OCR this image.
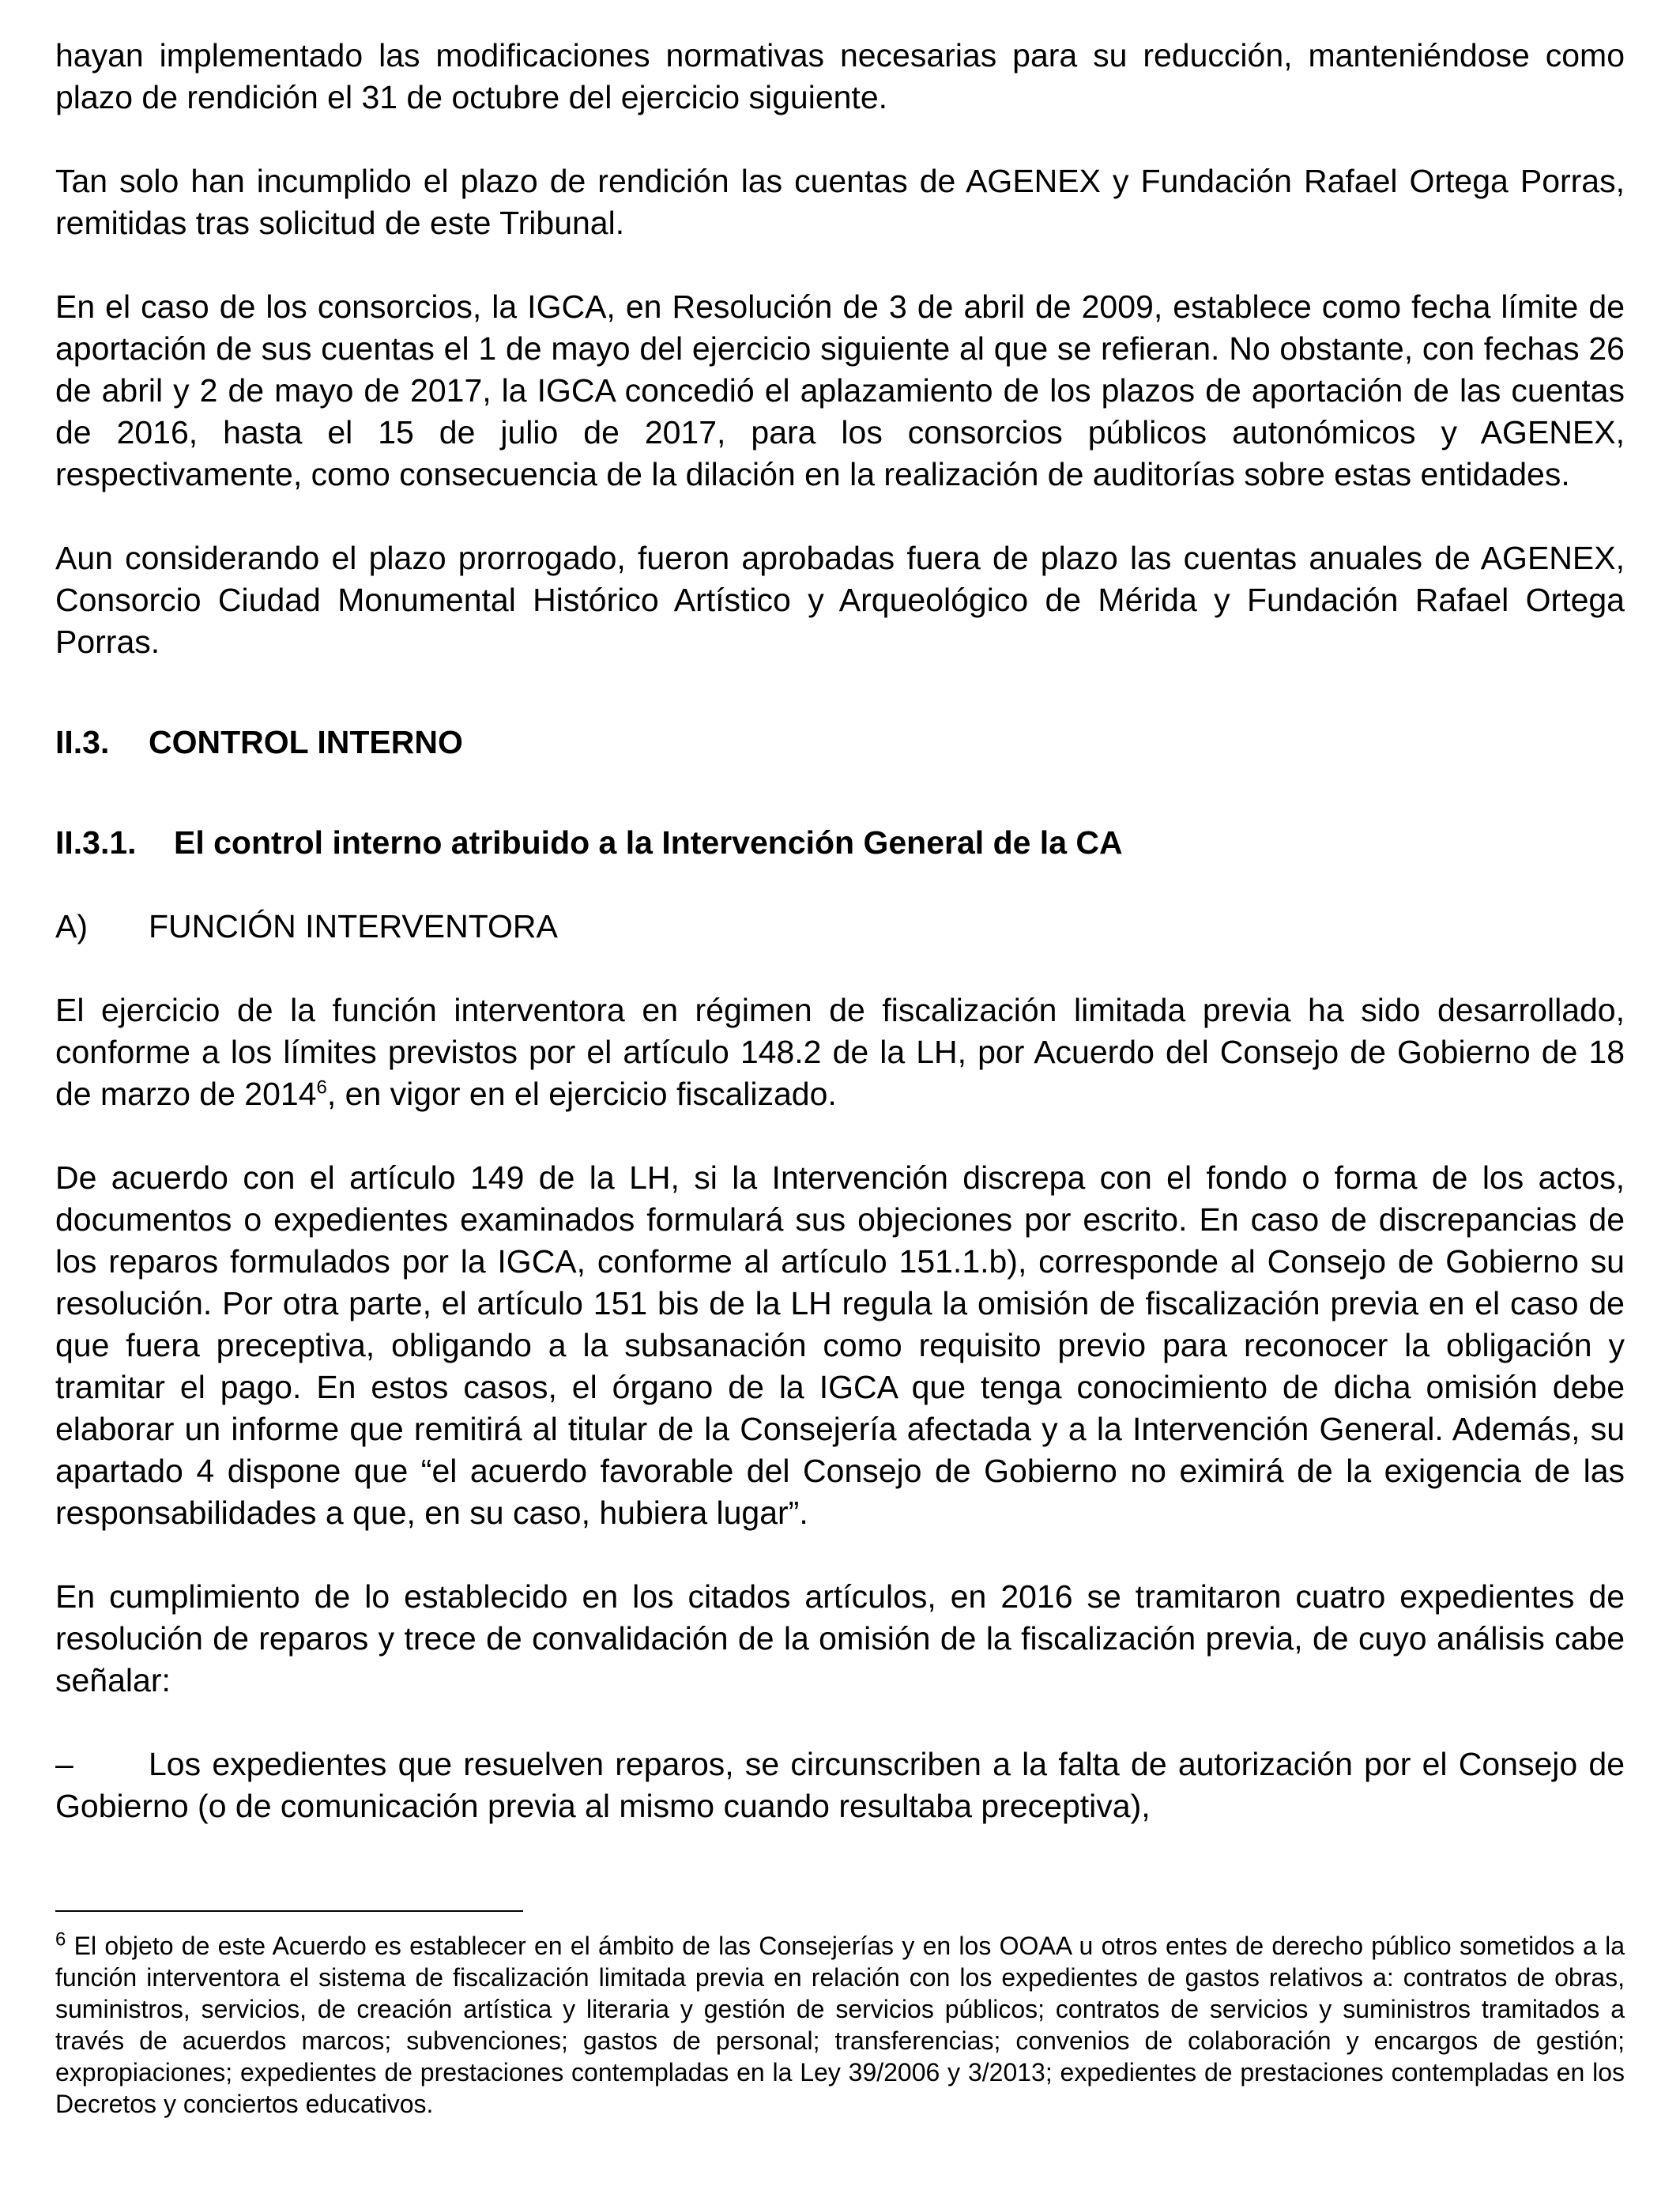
hayan implementado las modificaciones normativas necesarias para su reducción, manteniéndose como plazo de rendición el 31 de octubre del ejercicio siguiente.

Tan solo han incumplido el plazo de rendición las cuentas de AGENEX y Fundación Rafael Ortega Porras, remitidas tras solicitud de este Tribunal.

En el caso de los consorcios, la IGCA, en Resolución de 3 de abril de 2009, establece como fecha límite de aportación de sus cuentas el 1 de mayo del ejercicio siguiente al que se refieran. No obstante, con fechas 26 de abril y 2 de mayo de 2017, la IGCA concedió el aplazamiento de los plazos de aportación de las cuentas de 2016, hasta el 15 de julio de 2017, para los consorcios públicos autonómicos y AGENEX, respectivamente, como consecuencia de la dilación en la realización de auditorías sobre estas entidades.

Aun considerando el plazo prorrogado, fueron aprobadas fuera de plazo las cuentas anuales de AGENEX, Consorcio Ciudad Monumental Histórico Artístico y Arqueológico de Mérida y Fundación Rafael Ortega Porras.

II.3.	CONTROL INTERNO
II.3.1.	El control interno atribuido a la Intervención General de la CA
A)	FUNCIÓN INTERVENTORA

El ejercicio de la función interventora en régimen de fiscalización limitada previa ha sido desarrollado, conforme a los límites previstos por el artículo 148.2 de la LH, por Acuerdo del Consejo de Gobierno de 18 de marzo de 2014$^6$, en vigor en el ejercicio fiscalizado.

De acuerdo con el artículo 149 de la LH, si la Intervención discrepa con el fondo o forma de los actos, documentos o expedientes examinados formulará sus objeciones por escrito. En caso de discrepancias de los reparos formulados por la IGCA, conforme al artículo 151.1.b), corresponde al Consejo de Gobierno su resolución. Por otra parte, el artículo 151 bis de la LH regula la omisión de fiscalización previa en el caso de que fuera preceptiva, obligando a la subsanación como requisito previo para reconocer la obligación y tramitar el pago. En estos casos, el órgano de la IGCA que tenga conocimiento de dicha omisión debe elaborar un informe que remitirá al titular de la Consejería afectada y a la Intervención General. Además, su apartado 4 dispone que “el acuerdo favorable del Consejo de Gobierno no eximirá de la exigencia de las responsabilidades a que, en su caso, hubiera lugar”.

En cumplimiento de lo establecido en los citados artículos, en 2016 se tramitaron cuatro expedientes de resolución de reparos y trece de convalidación de la omisión de la fiscalización previa, de cuyo análisis cabe señalar:

– Los expedientes que resuelven reparos, se circunscriben a la falta de autorización por el Consejo de Gobierno (o de comunicación previa al mismo cuando resultaba preceptiva),

$^6$ El objeto de este Acuerdo es establecer en el ámbito de las Consejerías y en los OOAA u otros entes de derecho público sometidos a la función interventora el sistema de fiscalización limitada previa en relación con los expedientes de gastos relativos a: contratos de obras, suministros, servicios, de creación artística y literaria y gestión de servicios públicos; contratos de servicios y suministros tramitados a través de acuerdos marcos; subvenciones; gastos de personal; transferencias; convenios de colaboración y encargos de gestión; expropiaciones; expedientes de prestaciones contempladas en la Ley 39/2006 y 3/2013; expedientes de prestaciones contempladas en los Decretos y conciertos educativos.
